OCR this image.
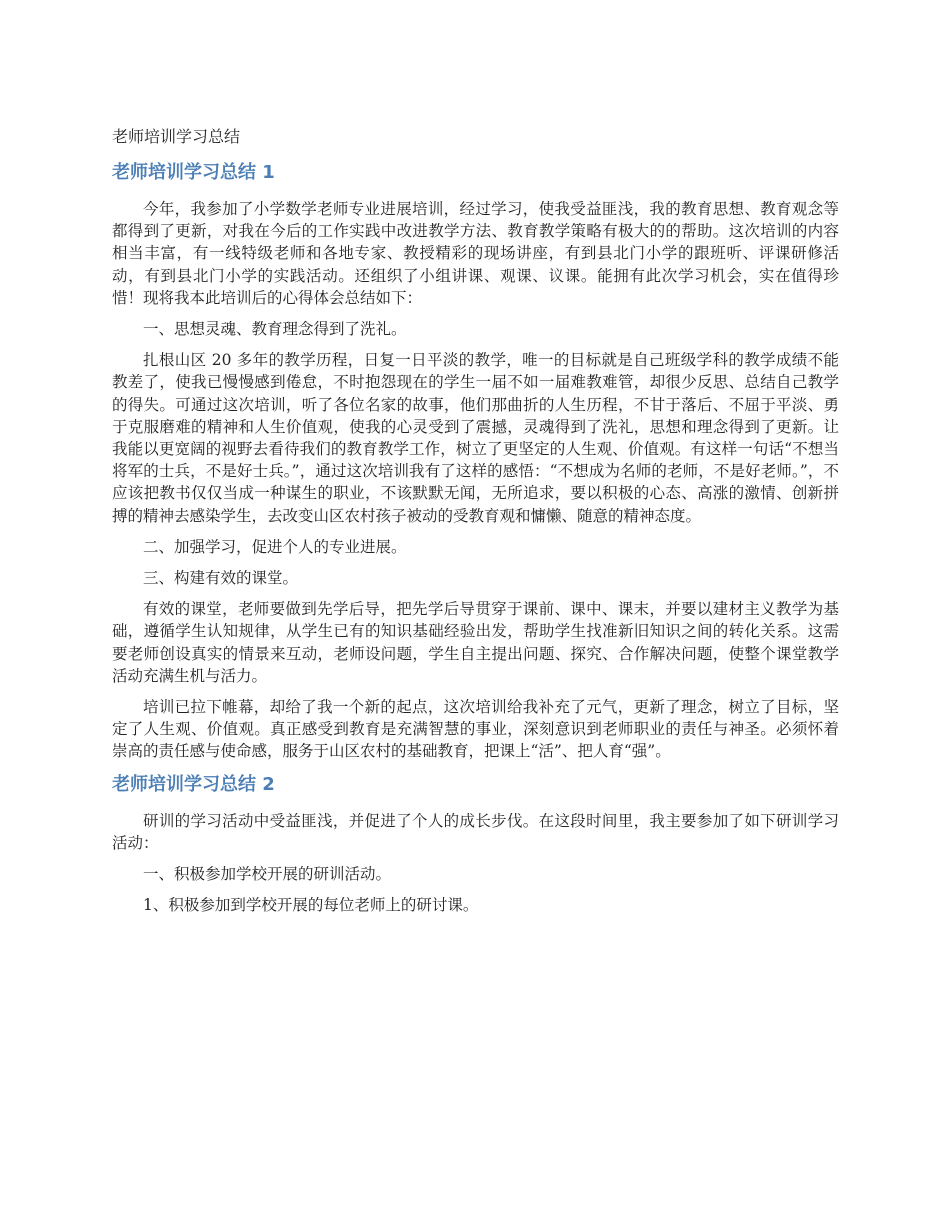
老师培训学习总结
老师培训学习总结 1

今年，我参加了小学数学老师专业进展培训，经过学习，使我受益匪浅，我的教育思想、教育观念等都得到了更新，对我在今后的工作实践中改进教学方法、教育教学策略有极大的的帮助。这次培训的内容相当丰富，有一线特级老师和各地专家、教授精彩的现场讲座，有到县北门小学的跟班听、评课研修活动，有到县北门小学的实践活动。还组织了小组讲课、观课、议课。能拥有此次学习机会，实在值得珍惜！现将我本此培训后的心得体会总结如下：

一、思想灵魂、教育理念得到了洗礼。

扎根山区 20 多年的教学历程，日复一日平淡的教学，唯一的目标就是自己班级学科的教学成绩不能教差了，使我已慢慢感到倦怠，不时抱怨现在的学生一届不如一届难教难管，却很少反思、总结自己教学的得失。可通过这次培训，听了各位名家的故事，他们那曲折的人生历程，不甘于落后、不屈于平淡、勇于克服磨难的精神和人生价值观，使我的心灵受到了震撼，灵魂得到了洗礼，思想和理念得到了更新。让我能以更宽阔的视野去看待我们的教育教学工作，树立了更坚定的人生观、价值观。有这样一句话“不想当将军的士兵，不是好士兵。”，通过这次培训我有了这样的感悟：“不想成为名师的老师，不是好老师。”，不应该把教书仅仅当成一种谋生的职业，不该默默无闻，无所追求，要以积极的心态、高涨的激情、创新拼搏的精神去感染学生，去改变山区农村孩子被动的受教育观和慵懒、随意的精神态度。

二、加强学习，促进个人的专业进展。

三、构建有效的课堂。

有效的课堂，老师要做到先学后导，把先学后导贯穿于课前、课中、课末，并要以建材主义教学为基础，遵循学生认知规律，从学生已有的知识基础经验出发，帮助学生找准新旧知识之间的转化关系。这需要老师创设真实的情景来互动，老师设问题，学生自主提出问题、探究、合作解决问题，使整个课堂教学活动充满生机与活力。

培训已拉下帷幕，却给了我一个新的起点，这次培训给我补充了元气，更新了理念，树立了目标，坚定了人生观、价值观。真正感受到教育是充满智慧的事业，深刻意识到老师职业的责任与神圣。必须怀着崇高的责任感与使命感，服务于山区农村的基础教育，把课上“活”、把人育“强”。

老师培训学习总结 2

研训的学习活动中受益匪浅，并促进了个人的成长步伐。在这段时间里，我主要参加了如下研训学习活动：

一、积极参加学校开展的研训活动。

1、积极参加到学校开展的每位老师上的研讨课。
